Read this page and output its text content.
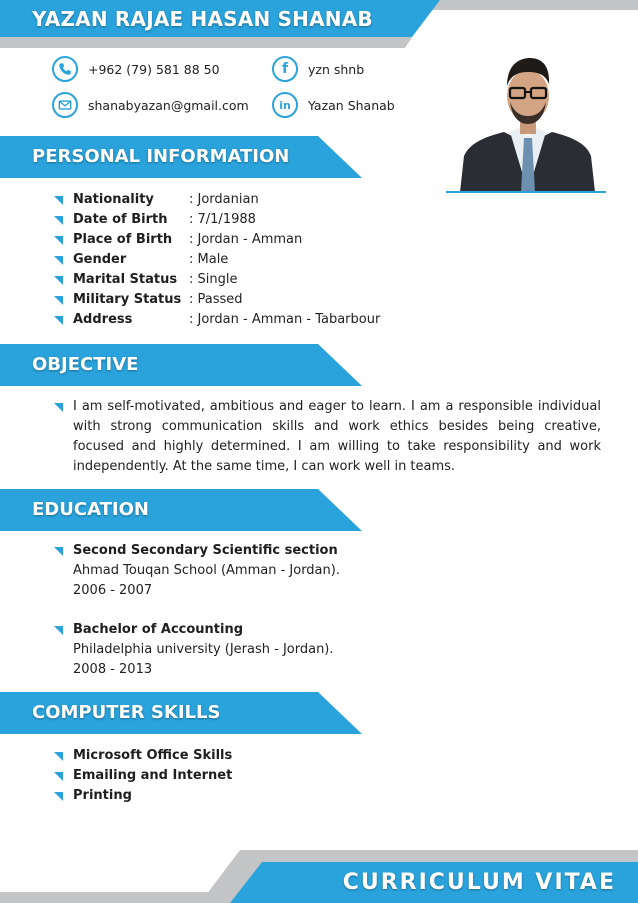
YAZAN RAJAE HASAN SHANAB
+962 (79) 581 88 50
shanabyazan@gmail.com
f	yzn shnb
in	Yazan Shanab
PERSONAL INFORMATION
Nationality	: Jordanian
Date of Birth : 7/1/1988
Place of Birth : Jordan - Amman
Gender	: Male
Marital Status : Single
Military Status : Passed
Address	: Jordan - Amman - Tabarbour
OBJECTIVE
I am self-motivated, ambitious and eager to learn. I am a responsible individual with strong communication skills and work ethics besides being creative, focused and highly determined. I am willing to take responsibility and work independently. At the same time, I can work well in teams.
EDUCATION
Second Secondary Scientific section
Ahmad Touqan School (Amman - Jordan).
2006 - 2007
Bachelor of Accounting
Philadelphia university (Jerash - Jordan).
2008 - 2013
COMPUTER SKILLS
Microsoft Office Skills
Emailing and Internet
Printing
CURRICULUM VITAE
